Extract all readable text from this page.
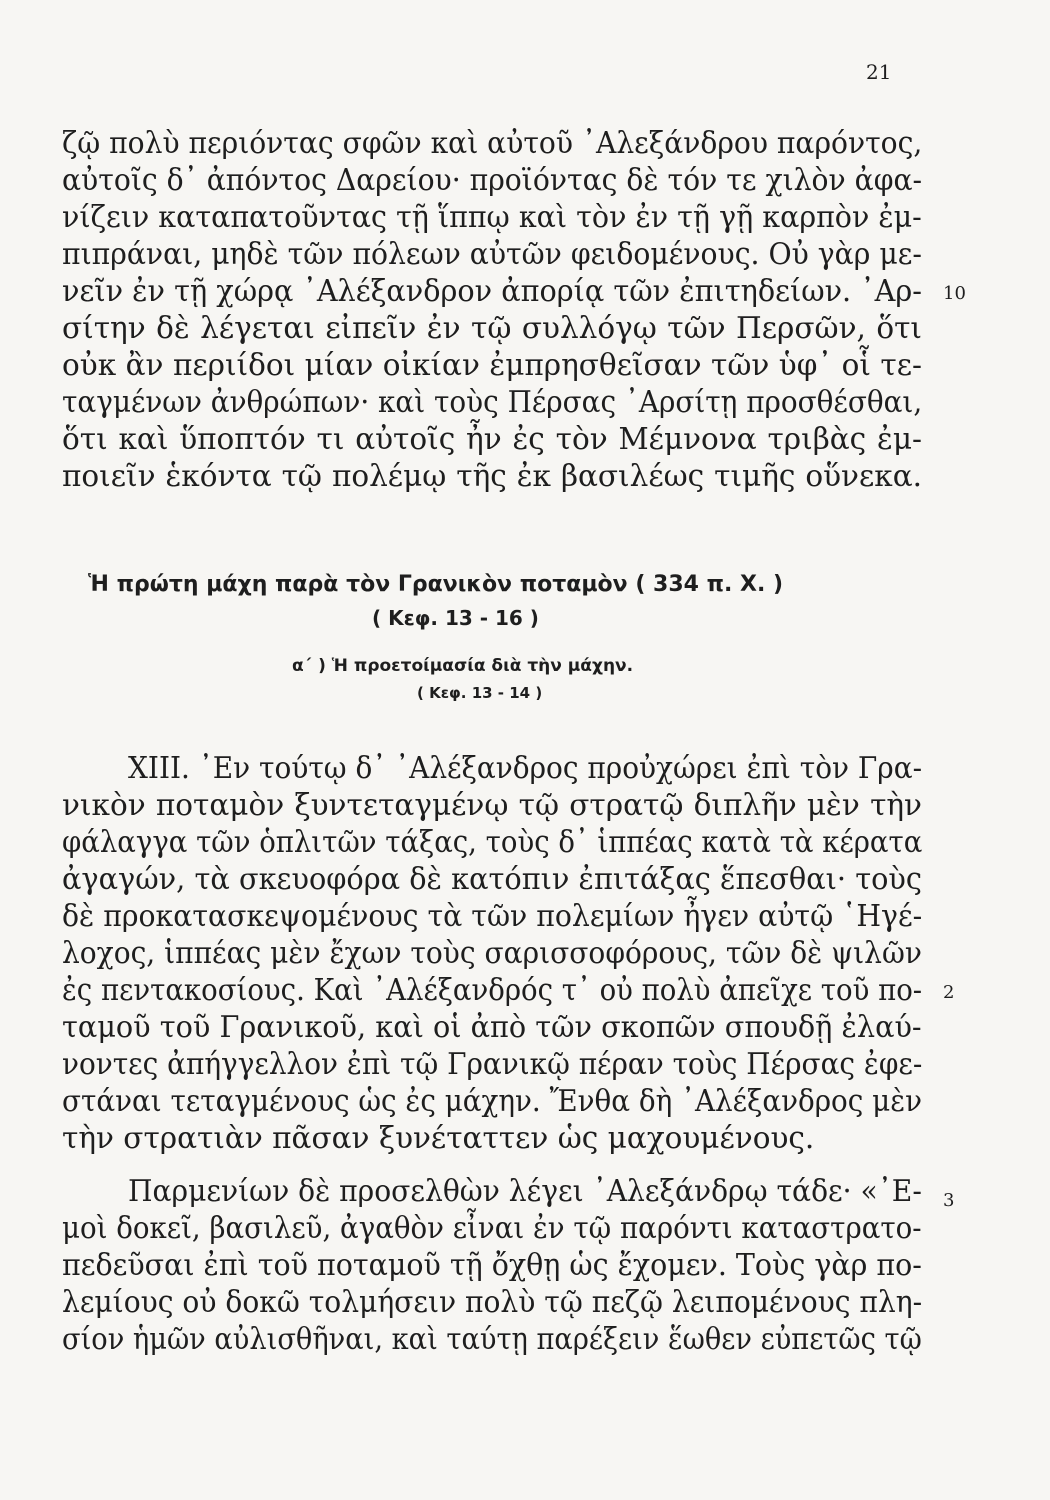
21
ζῷ πολὺ περιόντας σφῶν καὶ αὐτοῦ ᾿Αλεξάνδρου παρόντος,
αὐτοῖς δ᾿ ἀπόντος Δαρείου· προϊόντας δὲ τόν τε χιλὸν ἀφα-
νίζειν καταπατοῦντας τῇ ἵππῳ καὶ τὸν ἐν τῇ γῇ καρπὸν ἐμ-
πιπράναι, μηδὲ τῶν πόλεων αὐτῶν φειδομένους. Οὐ γὰρ με-
νεῖν ἐν τῇ χώρᾳ ᾿Αλέξανδρον ἀπορίᾳ τῶν ἐπιτηδείων. ᾿Αρ-
σίτην δὲ λέγεται εἰπεῖν ἐν τῷ συλλόγῳ τῶν Περσῶν, ὅτι
οὐκ ἂν περιίδοι μίαν οἰκίαν ἐμπρησθεῖσαν τῶν ὑφ᾿ οἷ τε-
ταγμένων ἀνθρώπων· καὶ τοὺς Πέρσας ᾿Αρσίτῃ προσθέσθαι,
ὅτι καὶ ὕποπτόν τι αὐτοῖς ἦν ἐς τὸν Μέμνονα τριβὰς ἐμ-
ποιεῖν ἑκόντα τῷ πολέμῳ τῆς ἐκ βασιλέως τιμῆς οὕνεκα.
10
Ἡ πρώτη μάχη παρὰ τὸν Γρανικὸν ποταμὸν ( 334 π. Χ. )
( Κεφ. 13 - 16 )
α´ ) Ἡ προετοίμασία διὰ τὴν μάχην.
( Κεφ. 13 - 14 )
XIII. ᾿Εν τούτῳ δ᾿ ᾿Αλέξανδρος προὐχώρει ἐπὶ τὸν Γρα-
νικὸν ποταμὸν ξυντεταγμένῳ τῷ στρατῷ διπλῆν μὲν τὴν
φάλαγγα τῶν ὁπλιτῶν τάξας, τοὺς δ᾿ ἱππέας κατὰ τὰ κέρατα
ἀγαγών, τὰ σκευοφόρα δὲ κατόπιν ἐπιτάξας ἕπεσθαι· τοὺς
δὲ προκατασκεψομένους τὰ τῶν πολεμίων ἦγεν αὐτῷ ῾Ηγέ-
λοχος, ἱππέας μὲν ἔχων τοὺς σαρισσοφόρους, τῶν δὲ ψιλῶν
ἐς πεντακοσίους. Καὶ ᾿Αλέξανδρός τ᾿ οὐ πολὺ ἀπεῖχε τοῦ πο-
ταμοῦ τοῦ Γρανικοῦ, καὶ οἱ ἀπὸ τῶν σκοπῶν σπουδῇ ἐλαύ-
νοντες ἀπήγγελλον ἐπὶ τῷ Γρανικῷ πέραν τοὺς Πέρσας ἐφε-
στάναι τεταγμένους ὡς ἐς μάχην. Ἔνθα δὴ ᾿Αλέξανδρος μὲν
τὴν στρατιὰν πᾶσαν ξυνέταττεν ὡς μαχουμένους.
Παρμενίων δὲ προσελθὼν λέγει ᾿Αλεξάνδρῳ τάδε· «᾿Ε-
μοὶ δοκεῖ, βασιλεῦ, ἀγαθὸν εἶναι ἐν τῷ παρόντι καταστρατο-
πεδεῦσαι ἐπὶ τοῦ ποταμοῦ τῇ ὄχθῃ ὡς ἔχομεν. Τοὺς γὰρ πο-
λεμίους οὐ δοκῶ τολμήσειν πολὺ τῷ πεζῷ λειπομένους πλη-
σίον ἡμῶν αὐλισθῆναι, καὶ ταύτῃ παρέξειν ἕωθεν εὐπετῶς τῷ
2
3
